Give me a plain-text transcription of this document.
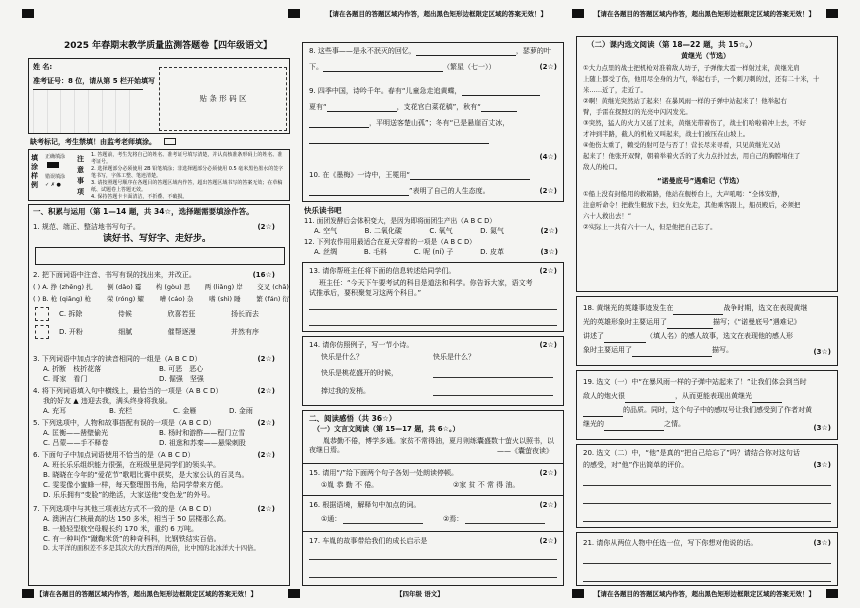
【请在各题目的答题区域内作答，超出黑色矩形边框限定区域的答案无效！】	【请在各题目的答题区域内作答，超出黑色矩形边框限定区域的答案无效！】
【请在各题目的答题区域内作答，超出黑色矩形边框限定区域的答案无效！】	【请在各题目的答题区域内作答，超出黑色矩形边框限定区域的答案无效！】
【四年级 语文】
2025 年春期末教学质量监测答题卷【四年级语文】
姓 名:
准考证号：8 位，请从第 5 栏开始填写
贴 条 形 码 区
缺考标记，考生禁填！由监考老师填涂。
填涂样例
正确填涂
错误填涂
✓ ✗ ●
注意事项
1. 答题前，考生先将自己的姓名、准考证号填写清楚，并认真核准条形码上的姓名、准考证号。
2. 选择题部分必须使用 2B 铅笔填涂；非选择题部分必须使用 0.5 毫米黑色墨水的签字笔书写，字体工整、笔迹清楚。
3. 请按照题号顺序在各题目的答题区域内作答，超出答题区域书写的答案无效；在草稿纸、试题卷上答题无效。
4. 保持答题卡卡面清洁，不折叠、不破损。
一、积累与运用（第 1—14 题，共 34☆，选择题需要填涂作答。
1. 规范、端正、整洁地书写句子。	(2☆)
读好书、写好字、走好步。
2. 把下面词语中注音、书写有误的找出来，并改正。	(16☆)
( ) A. 挣 (zhēng) 扎 倒 (dǎo) 霉 构 (gòu) 思 两 (liǎng) 岸 交叉 (chā)
( ) B. 枪 (qiāng) 枪 荣 (róng) 耀 嘈 (cáo) 杂 嗜 (shì) 睡 繁 (fán) 衍
C. 拆除	侍候	欣喜若狂	扬长而去
D. 开粉	细腻	催帮逐漫	并然有序
3. 下列词语中加点字的读音相同的一组是（A B C D）	(2☆)
A. 折断　枝折花落	B. 可恶　恶心
C. 哥家　看门	D. 倔强　坚强
4. 将下列词语填入句中横线上，最恰当的一项是（A B C D）	(2☆)
我的好友 ▲ 违迎去我，满头终身将我泉。
A. 充耳	B. 充栏	C. 金雁	D. 金雨
5. 下列选项中，人物和故事搭配有误的一项是（A B C D）	(2☆)
A. 匡衡——凿壁偷光	B. 杨时和游酢——程门立雪
C. 吕蒙——手不释卷	D. 祖逖和苏秦——悬梁刺股
6. 下面句子中加点词语使用不恰当的是（A B C D）	(2☆)
A. 班长乐乐组织能力很强，在班级里是同学们的领头羊。
B. 晓晓在今年的“爱花节”歌唱比赛中获奖，是大家公认的百灵鸟。
C. 雯雯像小蜜蜂一样，每天整理图书角，给同学带来方便。
D. 乐乐拥有“变脸”的绝活，大家送他“变色龙”的外号。
7. 下列选项中与其他三项表达方式不一致的是（A B C D）	(2☆)
A. 澳洲吉仁核最高的达 150 多米，相当于 50 层楼那么高。
B. 一般轻型航空母舰长约 170 米，重约 6 万吨。
C. 有一种叫作“蹴鞠米货”的种奇科科，比钢铁结实百倍。
D. 太平洋的面积差不多是其次大的大西洋的两倍，比中国的北冰洋大十四倍。
8. 这些事——是永不泯灭的回忆，	，瑟萝的叶
下。	（繁星（七一））	(2☆)
9. 四季中国，诗吟千年。春有“儿童急走追黄蝶，
夏有“	，支花官白菜花稿”，秋有“
，平明送客楚山孤”；冬有“已是悬崖百丈冰，
(4☆)
10. 在《墨梅》一诗中，王冕用“
”表明了自己的人生态度。	(2☆)
快乐读书吧
11. 面团发酵后会体积变大，是因为即将面团生产出（A B C D）
A. 空气	B. 二氧化碳	C. 氧气	D. 氮气	(2☆)
12. 下列农作用用最适合在夏天穿着的一项是（A B C D）
A. 丝绸	B. 毛料	C. 呢 (ní) 子	D. 皮革	(3☆)
13. 请你帮班主任将下面的信息转述给同学们。	(2☆)
班主任：“今天下午要考试的科目是道法和科学。你告诉大家，语文考
试推承后，要积聚复习这两个科目。”
14. 请你仿照例子，写一节小诗。	(2☆)
快乐是什么？	快乐是什么？
快乐是桃花盛开的时候，
捧过我的发梢。
二、阅读感悟（共 36☆）
（一）文言文阅读（第 15—17 题，共 6☆。）
　　胤恭勤不倦，博学多通。家贫不常得油，夏月则练囊盛数十萤火以照书，以夜继日焉。	——《囊萤夜读》
15. 请用“/”给下面两个句子各划一处朗读停顿。	(2☆)
①胤 恭 勤 不 倦。	②家 贫 不 常 得 油。
16. 根据语境，解释句中加点的词。	(2☆)
①通：	②焉：
17. 车胤的故事带给我们的成长启示是	(2☆)
（二）课内选文阅读（第 18—22 题，共 15☆。）
黄继光（节选）
①大力点里的战士把机枪对准着敌人坊子，子弹像大雹一样射过来，黄继光肩
上随上都受了伤，他用尽全身的力气，举起右手，一个刺刀刺的过，还有二十米，十
米……近了，走近了。
②啊！黄继光突然站了起来！在暴风雨一样的子弹中站起来了！他举起右
臂，手雷在探照灯的光亮中闪闪发光。
③突然，猛人的火力又延了过来，黄继光带着伤了，战士们哈啦着冲上去，不好
才冲到半路，截人的机枪又叫起来，战士们被压在山坡上。
④他伤太重了，赖受的射可是与否了！营长尽来寻看，只见黄继光又站
起来了！他张开双臂，朝着举着火舌的了火力点扑过去，用自己的胸膛堵住了
敌人的枪口。
“诺曼底号”遇难记（节选）
①船上没有封船用的救箱路，他站在舰桥台上，大声吼喝：“全体安静，
注意听命令！把救生艇放下去，妇女先走，其他乘客跟上，船员殿后，必须把
六十人救出去！”
②实际上一共有六十一人，但是他把自己忘了。
18. 黄继光的英雄事迹发生在	战争时期，选文在表现黄继
光的英雄形象时主要运用了	描写；《“诺曼底号”遇难记》
讲述了	（填人名）的感人故事，选文在表现他的感人形
象时主要运用了	描写。	(3☆)
19. 选文（一）中“在暴风雨一样的子弹中站起来了！”让我们体会到当时
敌人的炮火很	，从而更能表现出黄继光
的品质。同时，这个句子中的感叹号让我们感受到了作者对黄
继光的	之情。	(3☆)
20. 选文（二）中，“他”是真的“把自己给忘了”吗？请结合你对这句话
的感受，对“他”作出简单的评价。	(3☆)
21. 请你从两位人物中任选一位，写下你想对他说的话。	(3☆)
